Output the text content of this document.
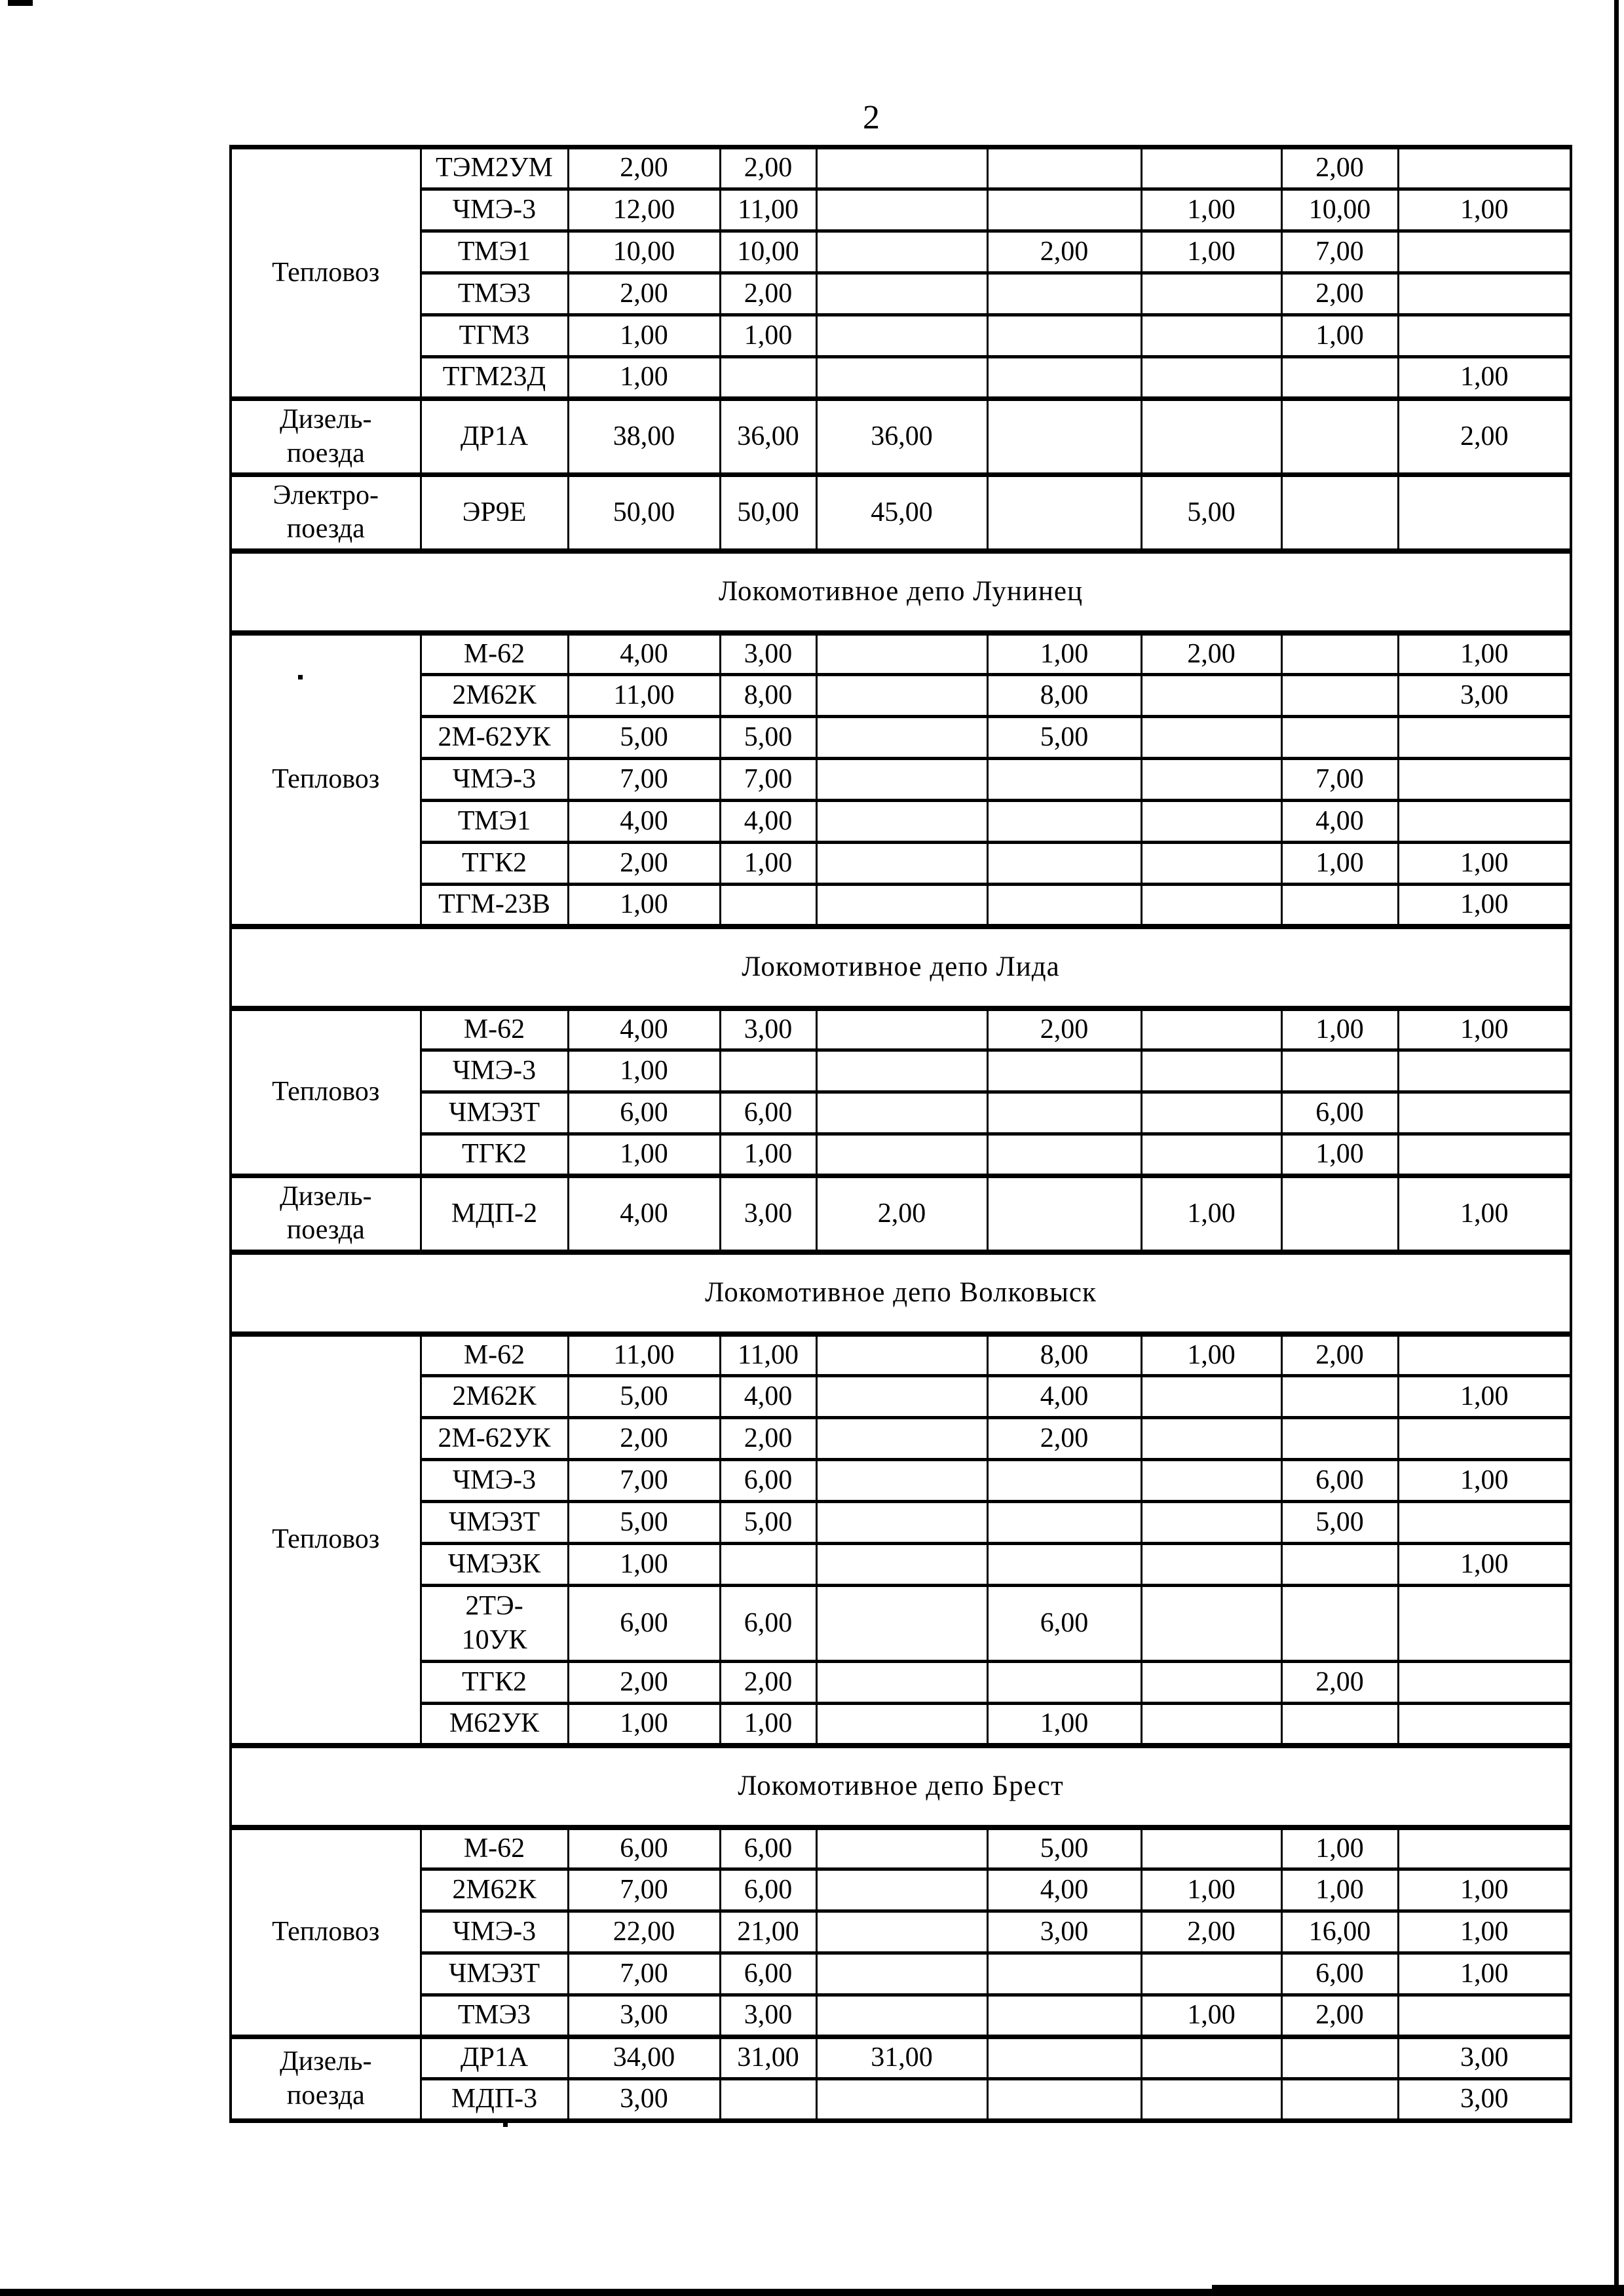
2
Тепловоз	ТЭМ2УМ	2,00	2,00				2,00	
	ЧМЭ-3	12,00	11,00			1,00	10,00	1,00
	ТМЭ1	10,00	10,00		2,00	1,00	7,00	
	ТМЭ3	2,00	2,00				2,00	
	ТГМ3	1,00	1,00				1,00	
	ТГМ23Д	1,00						1,00
Дизель-
поезда	ДР1А	38,00	36,00	36,00				2,00
Электро-
поезда	ЭР9Е	50,00	50,00	45,00		5,00		
Локомотивное депо Лунинец								
Тепловоз	М-62	4,00	3,00		1,00	2,00		1,00
	2М62К	11,00	8,00		8,00			3,00
	2М-62УК	5,00	5,00		5,00			
	ЧМЭ-3	7,00	7,00				7,00	
	ТМЭ1	4,00	4,00				4,00	
	ТГК2	2,00	1,00				1,00	1,00
	ТГМ-23В	1,00						1,00
Локомотивное депо Лида								
Тепловоз	М-62	4,00	3,00		2,00		1,00	1,00
	ЧМЭ-3	1,00						
	ЧМЭ3Т	6,00	6,00				6,00	
	ТГК2	1,00	1,00				1,00	
Дизель-
поезда	МДП-2	4,00	3,00	2,00		1,00		1,00
Локомотивное депо Волковыск								
Тепловоз	М-62	11,00	11,00		8,00	1,00	2,00	
	2М62К	5,00	4,00		4,00			1,00
	2М-62УК	2,00	2,00		2,00			
	ЧМЭ-3	7,00	6,00				6,00	1,00
	ЧМЭ3Т	5,00	5,00				5,00	
	ЧМЭ3К	1,00						1,00
	2ТЭ-
10УК	6,00	6,00		6,00			
	ТГК2	2,00	2,00				2,00	
	М62УК	1,00	1,00		1,00			
Локомотивное депо Брест								
Тепловоз	М-62	6,00	6,00		5,00		1,00	
	2М62К	7,00	6,00		4,00	1,00	1,00	1,00
	ЧМЭ-3	22,00	21,00		3,00	2,00	16,00	1,00
	ЧМЭ3Т	7,00	6,00				6,00	1,00
	ТМЭ3	3,00	3,00			1,00	2,00	
Дизель-
поезда	ДР1А	34,00	31,00	31,00				3,00
	МДП-3	3,00						3,00
